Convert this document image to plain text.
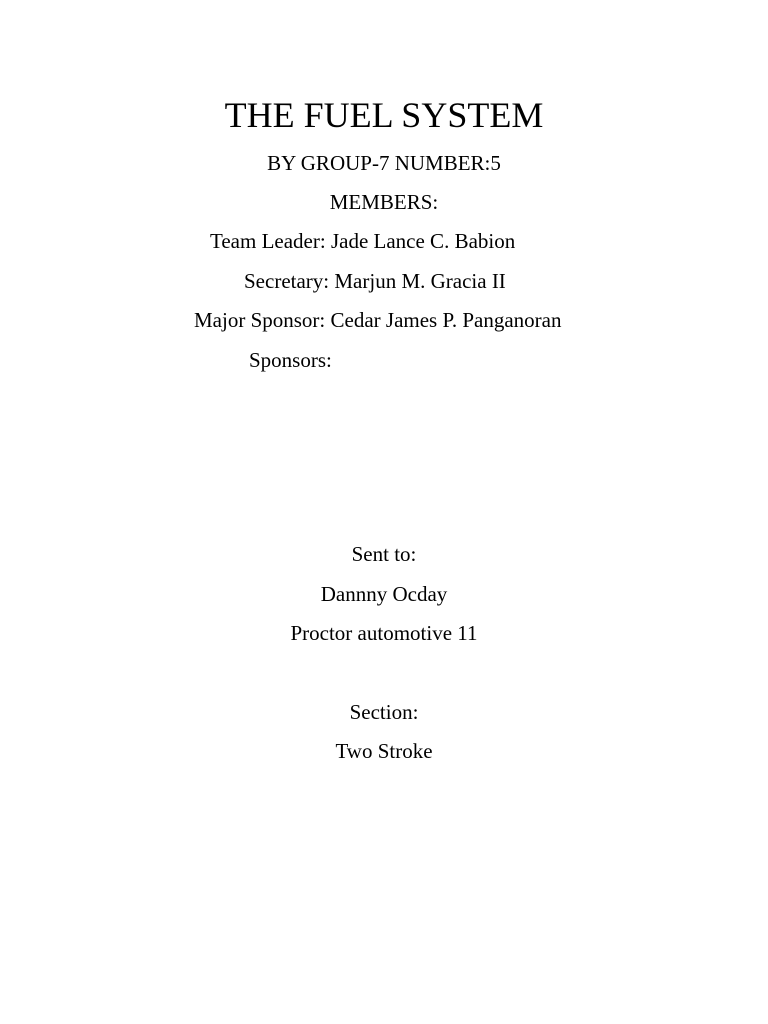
THE FUEL SYSTEM
BY GROUP-7 NUMBER:5
MEMBERS:
Team Leader: Jade Lance C. Babion
Secretary: Marjun M. Gracia II
Major Sponsor: Cedar James P. Panganoran
Sponsors:
Sent to:
Dannny Ocday
Proctor automotive 11
Section:
Two Stroke
